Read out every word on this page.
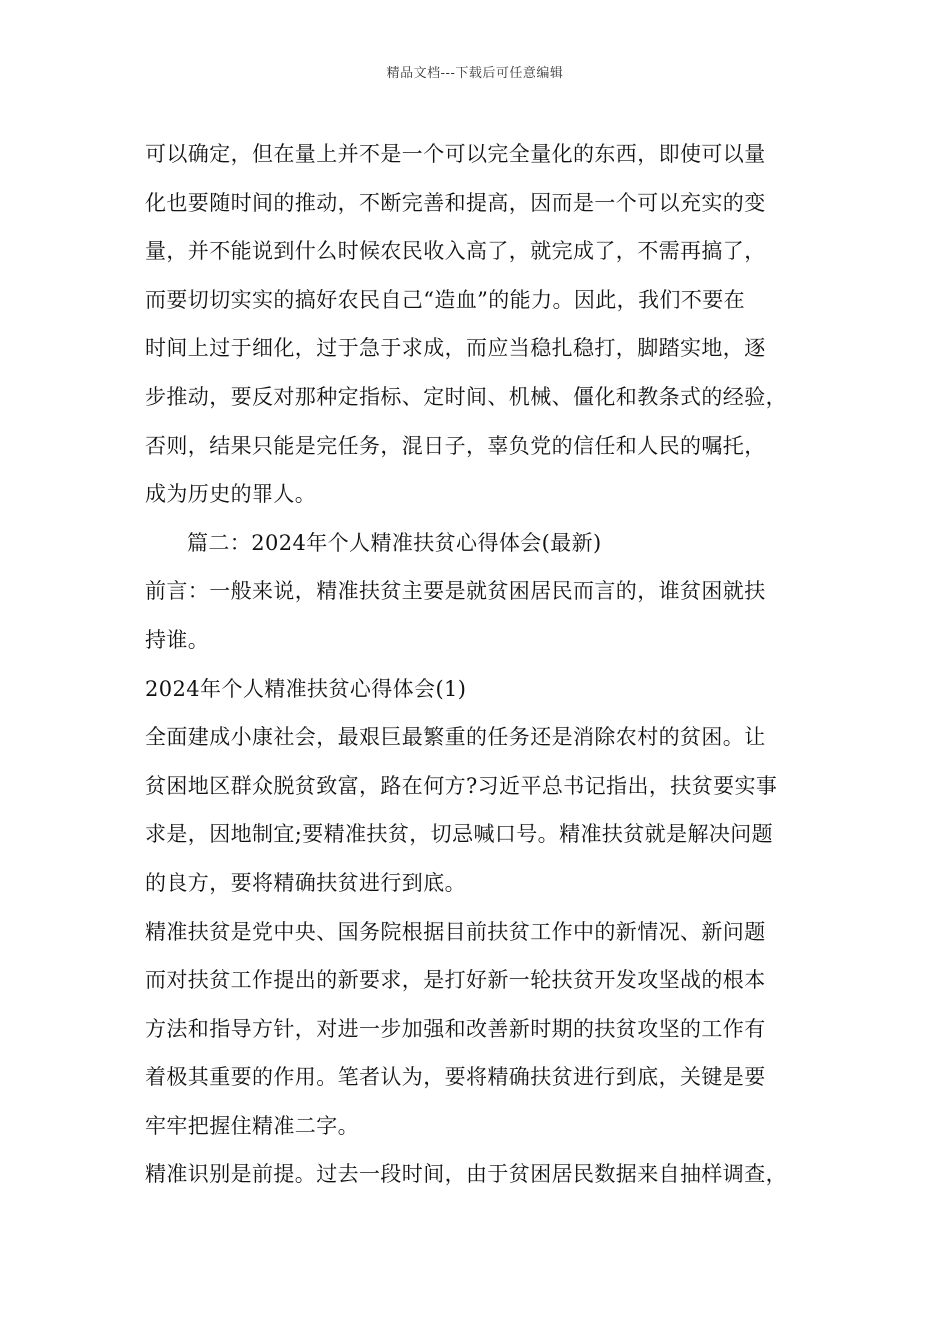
精品文档---下载后可任意编辑
可以确定，但在量上并不是一个可以完全量化的东西，即使可以量
化也要随时间的推动，不断完善和提高，因而是一个可以充实的变
量，并不能说到什么时候农民收入高了，就完成了，不需再搞了，
而要切切实实的搞好农民自己“造血”的能力。因此，我们不要在
时间上过于细化，过于急于求成，而应当稳扎稳打，脚踏实地，逐
步推动，要反对那种定指标、定时间、机械、僵化和教条式的经验，
否则，结果只能是完任务，混日子，辜负党的信任和人民的嘱托，
成为历史的罪人。
篇二：2024年个人精准扶贫心得体会(最新)
前言：一般来说，精准扶贫主要是就贫困居民而言的，谁贫困就扶
持谁。
2024年个人精准扶贫心得体会(1)
全面建成小康社会，最艰巨最繁重的任务还是消除农村的贫困。让
贫困地区群众脱贫致富，路在何方?习近平总书记指出，扶贫要实事
求是，因地制宜;要精准扶贫，切忌喊口号。精准扶贫就是解决问题
的良方，要将精确扶贫进行到底。
精准扶贫是党中央、国务院根据目前扶贫工作中的新情况、新问题
而对扶贫工作提出的新要求，是打好新一轮扶贫开发攻坚战的根本
方法和指导方针，对进一步加强和改善新时期的扶贫攻坚的工作有
着极其重要的作用。笔者认为，要将精确扶贫进行到底，关键是要
牢牢把握住精准二字。
精准识别是前提。过去一段时间，由于贫困居民数据来自抽样调查，
